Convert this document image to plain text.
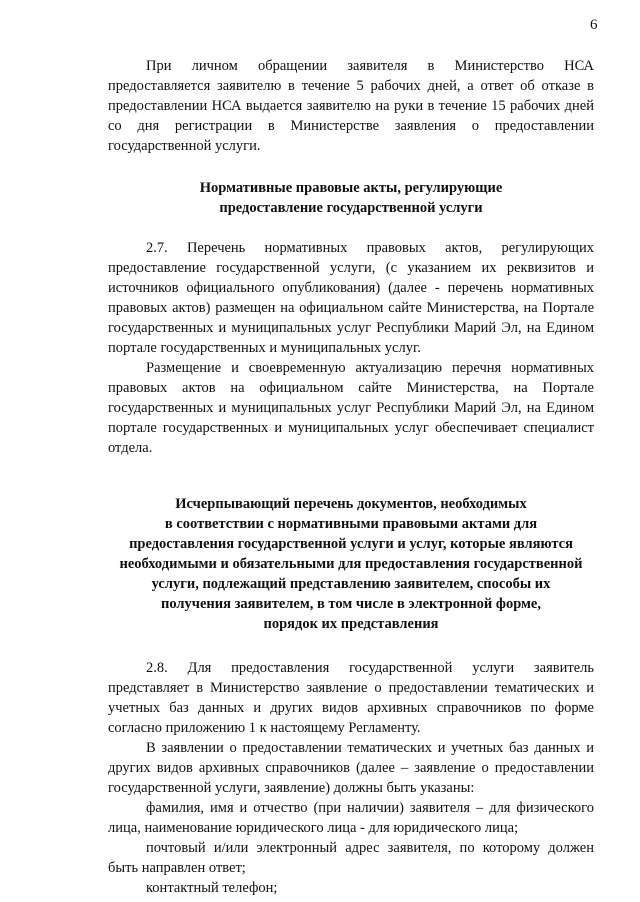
6

При личном обращении заявителя в Министерство НСА предоставляется заявителю в течение 5 рабочих дней, а ответ об отказе в предоставлении НСА выдается заявителю на руки в течение 15 рабочих дней со дня регистрации в Министерстве заявления о предоставлении государственной услуги.

Нормативные правовые акты, регулирующие
предоставление государственной услуги

2.7. Перечень нормативных правовых актов, регулирующих предоставление государственной услуги, (с указанием их реквизитов и источников официального опубликования) (далее - перечень нормативных правовых актов) размещен на официальном сайте Министерства, на Портале государственных и муниципальных услуг Республики Марий Эл, на Едином портале государственных и муниципальных услуг.

Размещение и своевременную актуализацию перечня нормативных правовых актов на официальном сайте Министерства, на Портале государственных и муниципальных услуг Республики Марий Эл, на Едином портале государственных и муниципальных услуг обеспечивает специалист отдела.

Исчерпывающий перечень документов, необходимых
в соответствии с нормативными правовыми актами для
предоставления государственной услуги и услуг, которые являются
необходимыми и обязательными для предоставления государственной
услуги, подлежащий представлению заявителем, способы их
получения заявителем, в том числе в электронной форме,
порядок их представления

2.8. Для предоставления государственной услуги заявитель представляет в Министерство заявление о предоставлении тематических и учетных баз данных и других видов архивных справочников по форме согласно приложению 1 к настоящему Регламенту.

В заявлении о предоставлении тематических и учетных баз данных и других видов архивных справочников (далее – заявление о предоставлении государственной услуги, заявление) должны быть указаны:

фамилия, имя и отчество (при наличии) заявителя – для физического лица, наименование юридического лица - для юридического лица;

почтовый и/или электронный адрес заявителя, по которому должен быть направлен ответ;

контактный телефон;
